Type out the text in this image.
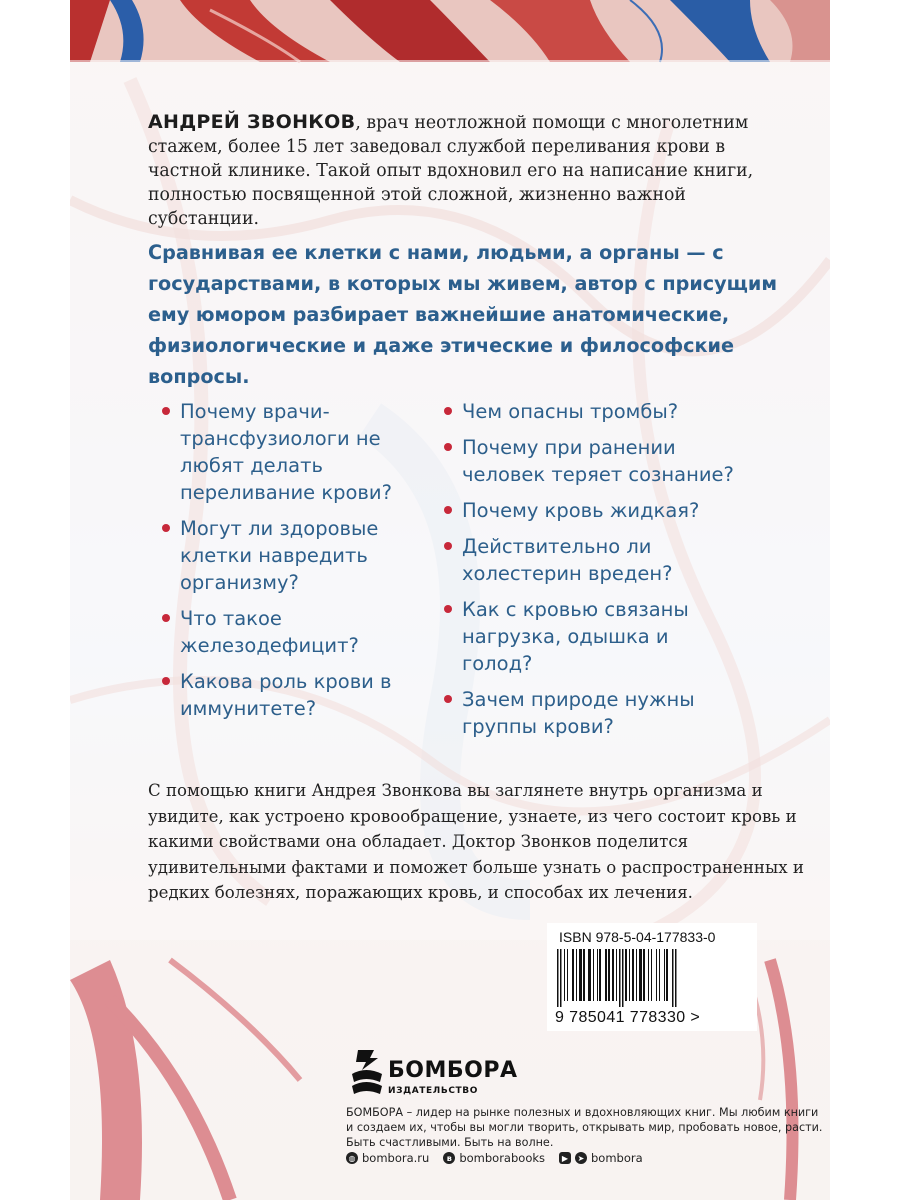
АНДРЕЙ ЗВОНКОВ, врач неотложной помощи с многолетним стажем, более 15 лет заведовал службой переливания крови в частной клинике. Такой опыт вдохновил его на написание книги, полностью посвященной этой сложной, жизненно важной субстанции.

Сравнивая ее клетки с нами, людьми, а органы — с государствами, в которых мы живем, автор с присущим ему юмором разбирает важнейшие анатомические, физиологические и даже этические и философские вопросы.

Почему врачи-трансфузиологи не любят делать переливание крови?
Могут ли здоровые клетки навредить организму?
Что такое железодефицит?
Какова роль крови в иммунитете?
Чем опасны тромбы?
Почему при ранении человек теряет сознание?
Почему кровь жидкая?
Действительно ли холестерин вреден?
Как с кровью связаны нагрузка, одышка и голод?
Зачем природе нужны группы крови?

С помощью книги Андрея Звонкова вы заглянете внутрь организма и увидите, как устроено кровообращение, узнаете, из чего состоит кровь и какими свойствами она обладает. Доктор Звонков поделится удивительными фактами и поможет больше узнать о распространенных и редких болезнях, поражающих кровь, и способах их лечения.

ISBN 978-5-04-177833-0
9 785041 778330 >
БОМБОРА
ИЗДАТЕЛЬСТВО

БОМБОРА – лидер на рынке полезных и вдохновляющих книг. Мы любим книги и создаем их, чтобы вы могли творить, открывать мир, пробовать новое, расти. Быть счастливыми. Быть на волне.

◍ bombora.ru	в bomborabooks	▶	➤ bombora
